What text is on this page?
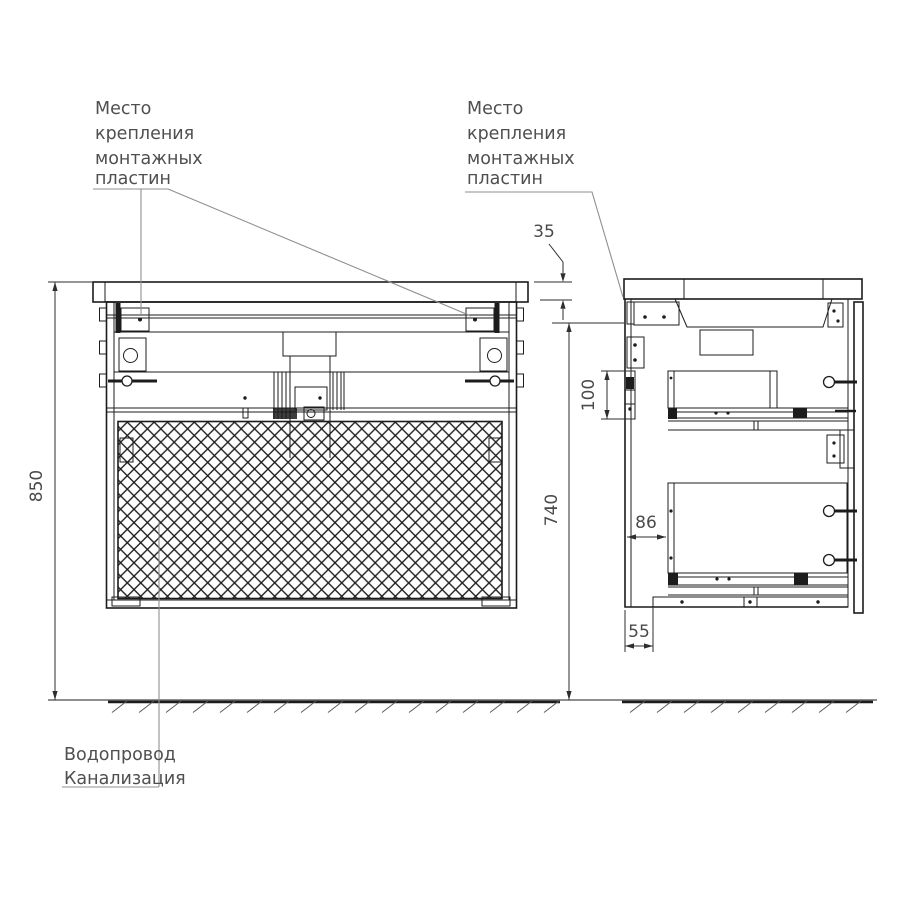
850
740
35
100
86
55
Место
крепления
монтажных
пластин
Место
крепления
монтажных
пластин
Водопровод
Канализация
